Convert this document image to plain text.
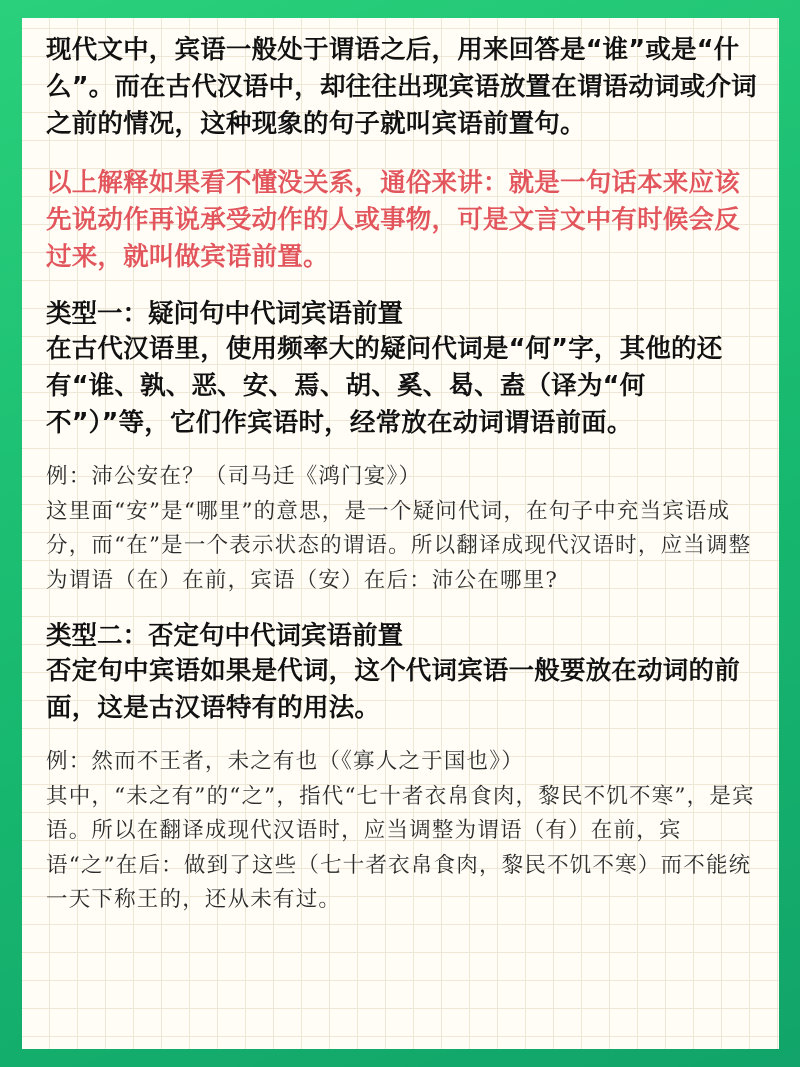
现代文中，宾语一般处于谓语之后，用来回答是“谁”或是“什么”。而在古代汉语中，却往往出现宾语放置在谓语动词或介词之前的情况，这种现象的句子就叫宾语前置句。

以上解释如果看不懂没关系，通俗来讲：就是一句话本来应该先说动作再说承受动作的人或事物，可是文言文中有时候会反过来，就叫做宾语前置。

类型一：疑问句中代词宾语前置

在古代汉语里，使用频率大的疑问代词是“何”字，其他的还有“谁、孰、恶、安、焉、胡、奚、曷、盍（译为“何不”）”等，它们作宾语时，经常放在动词谓语前面。

例：沛公安在？（司马迁《鸿门宴》）

这里面“安”是“哪里”的意思，是一个疑问代词，在句子中充当宾语成分，而“在”是一个表示状态的谓语。所以翻译成现代汉语时，应当调整为谓语（在）在前，宾语（安）在后：沛公在哪里?

类型二：否定句中代词宾语前置

否定句中宾语如果是代词，这个代词宾语一般要放在动词的前面，这是古汉语特有的用法。

例：然而不王者，未之有也（《寡人之于国也》）

其中，“未之有”的“之”，指代“七十者衣帛食肉，黎民不饥不寒”，是宾语。所以在翻译成现代汉语时，应当调整为谓语（有）在前，宾语“之”在后：做到了这些（七十者衣帛食肉，黎民不饥不寒）而不能统一天下称王的，还从未有过。
